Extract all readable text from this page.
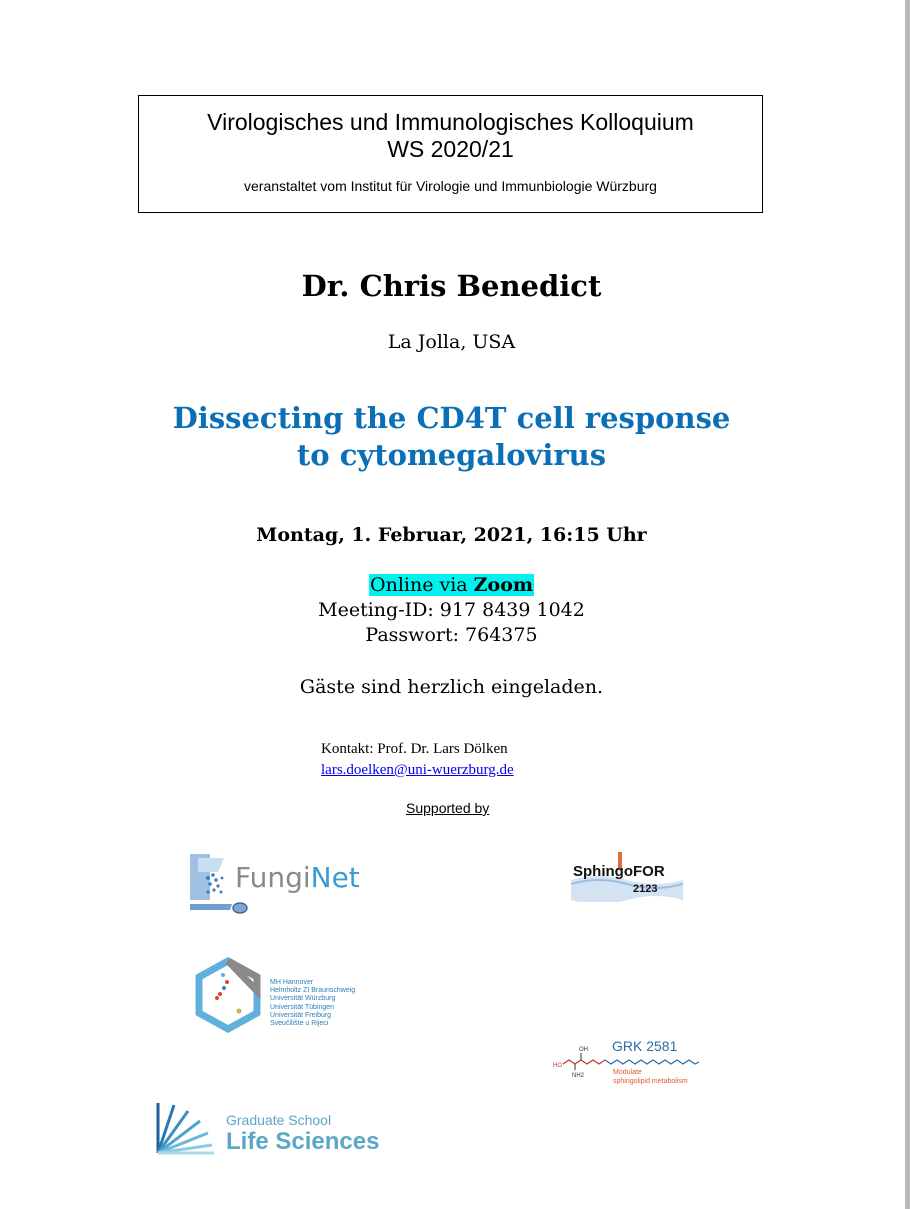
Virologisches und Immunologisches Kolloquium
WS 2020/21
veranstaltet vom Institut für Virologie und Immunbiologie Würzburg
Dr. Chris Benedict
La Jolla, USA
Dissecting the CD4T cell response
to cytomegalovirus
Montag, 1. Februar, 2021, 16:15 Uhr
Online via Zoom
Meeting-ID: 917 8439 1042
Passwort: 764375
Gäste sind herzlich eingeladen.
Kontakt: Prof. Dr. Lars Dölken
lars.doelken@uni-wuerzburg.de
Supported by
FungiNet	SphingoFOR
2123
MH Hannover
Helmholtz ZI Braunschweig
Universität Würzburg
Universität Tübingen
Universität Freiburg
Sveučilište u Rijeci
HO
OH
NH2
GRK 2581
Modulate
sphingolipid metabolism
Graduate School
Life Sciences
